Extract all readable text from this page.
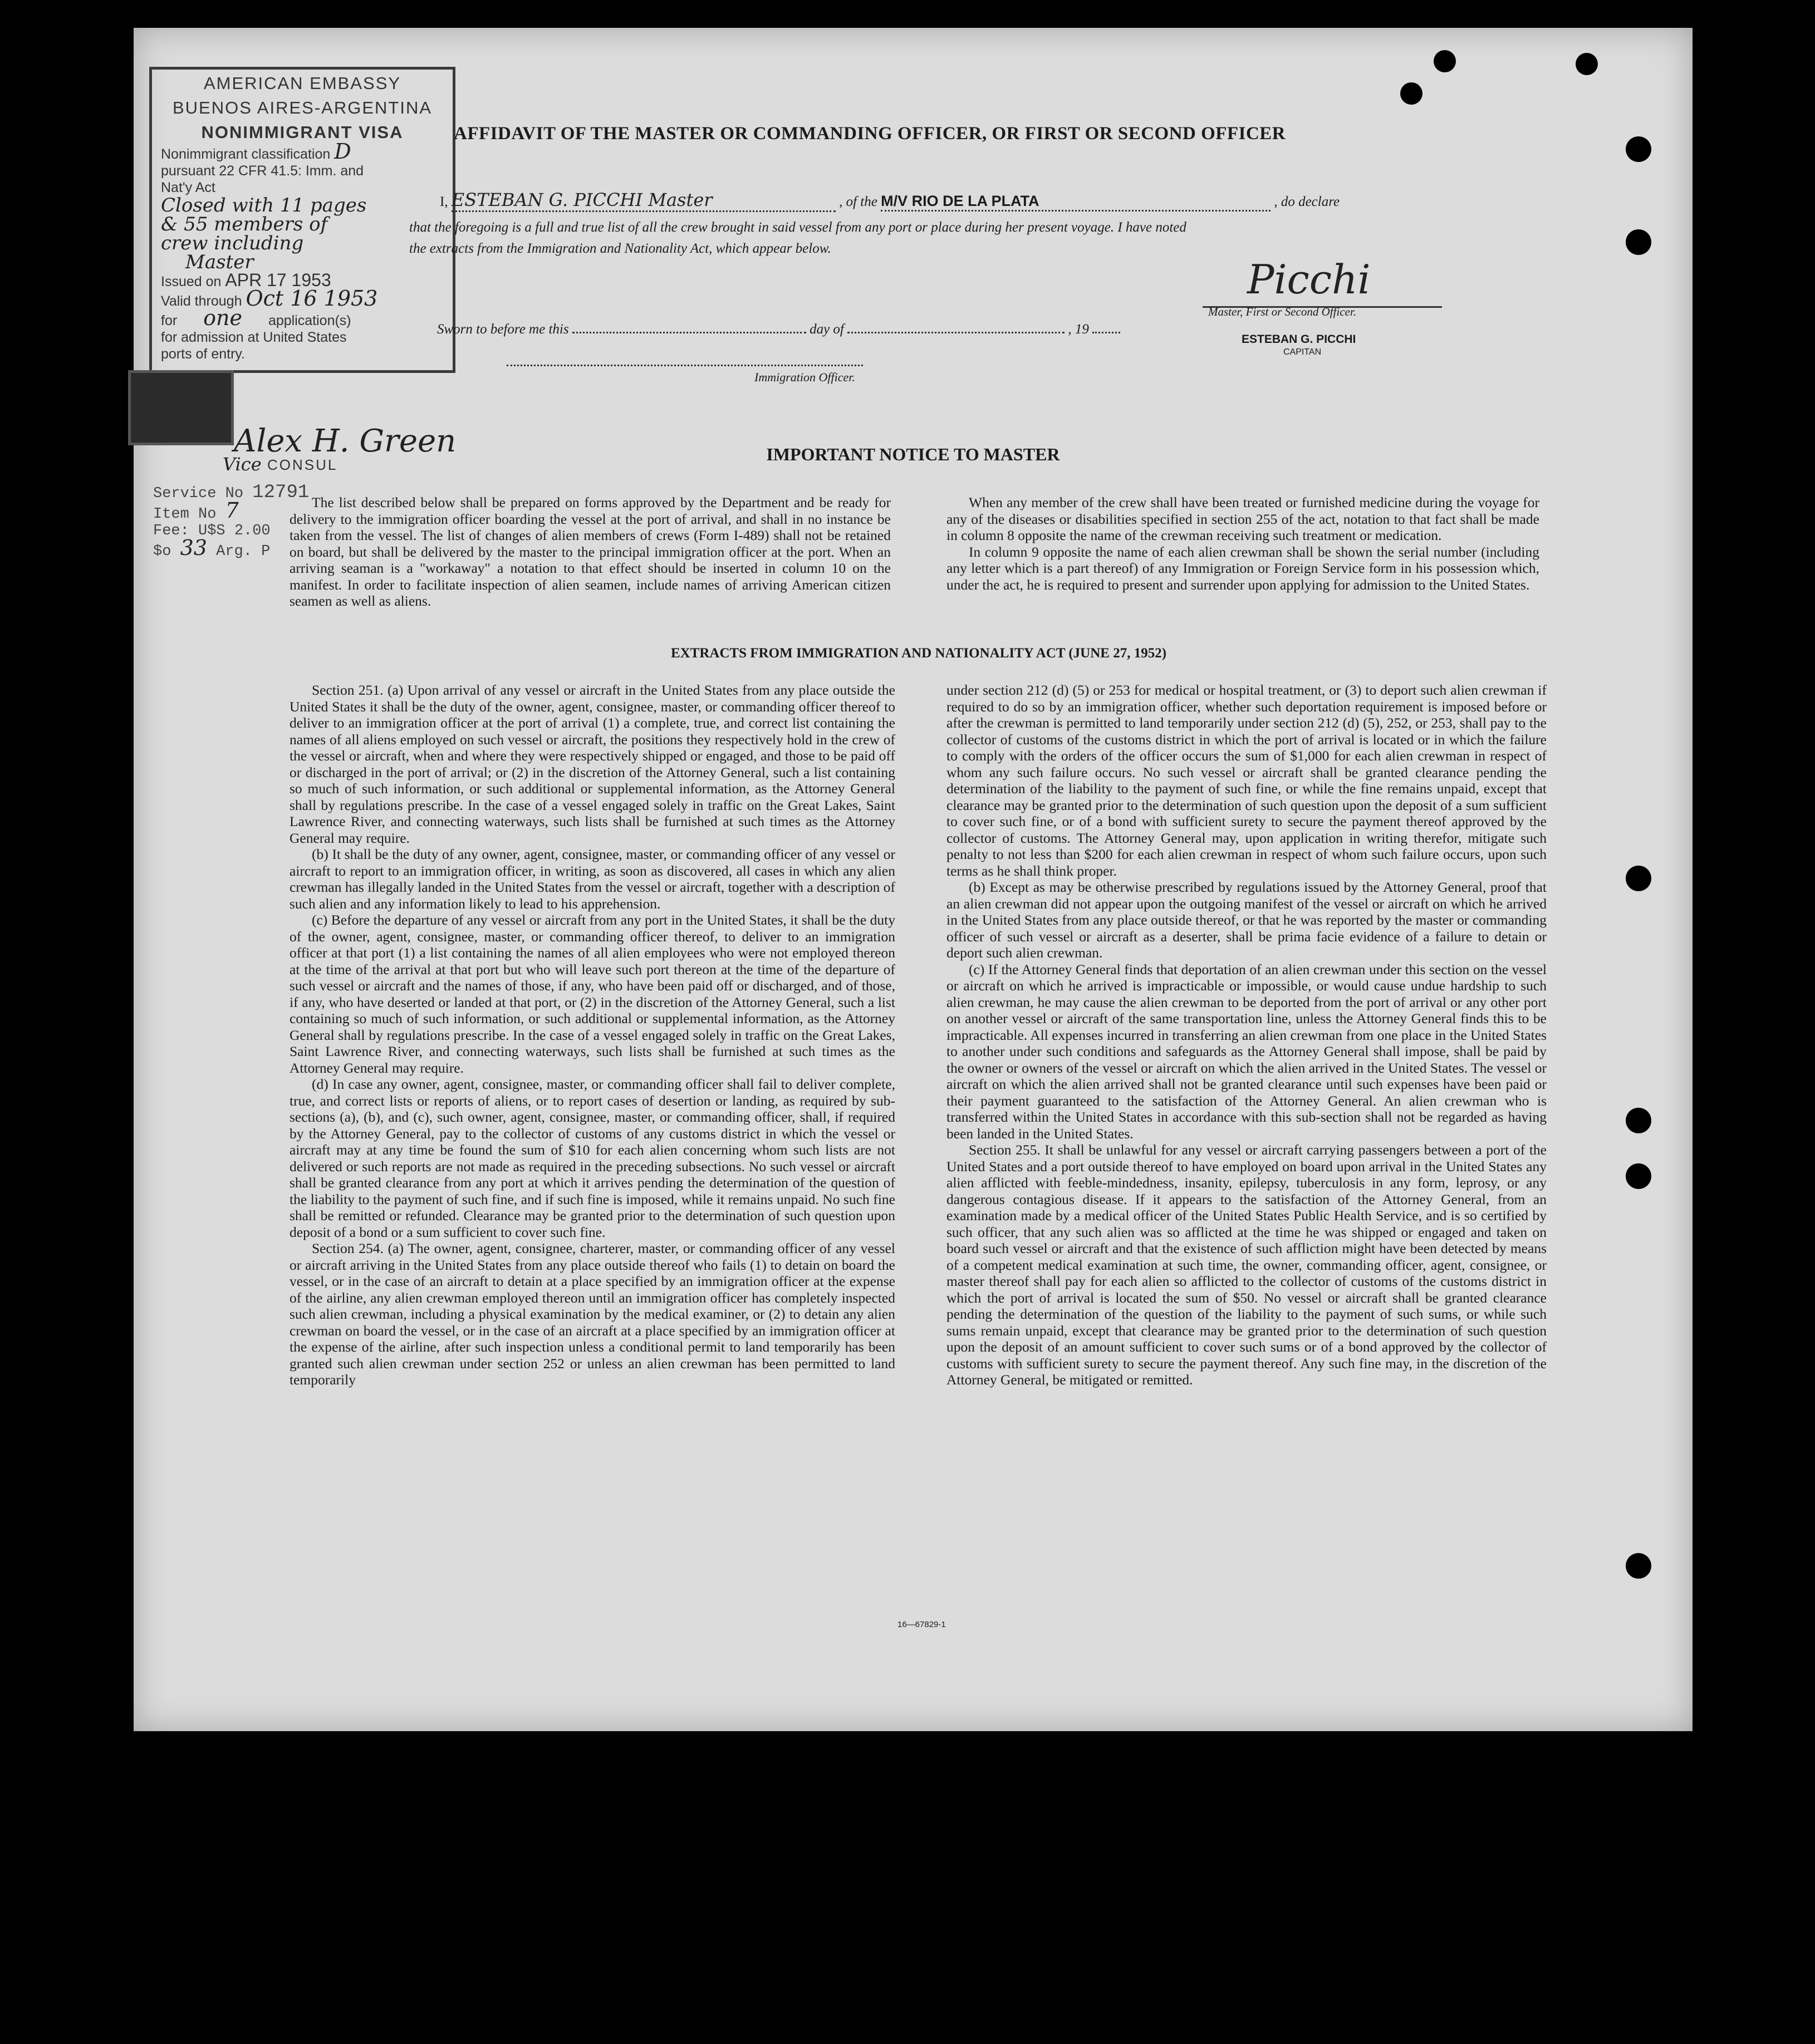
AMERICAN EMBASSY
BUENOS AIRES-ARGENTINA
NONIMMIGRANT VISA
Nonimmigrant classification D
pursuant 22 CFR 41.5: Imm. and
Nat'y Act
Closed with 11 pages
& 55 members of
crew including
Master
Issued on APR 17 1953
Valid through Oct 16 1953
for one application(s)
for admission at United States
ports of entry.
Alex H. Green
Vice CONSUL
Service No 12791
Item No 7
Fee: U$S 2.00
$o 33 Arg. P
AFFIDAVIT OF THE MASTER OR COMMANDING OFFICER, OR FIRST OR SECOND OFFICER
I, ESTEBAN G. PICCHI Master	, of the M/V RIO DE LA PLATA	, do declare
that the foregoing is a full and true list of all the crew brought in said vessel from any port or place during her present voyage. I have noted
the extracts from the Immigration and Nationality Act, which appear below.
Picchi
Master, First or Second Officer.
Sworn to before me this	day of	, 19
ESTEBAN G. PICCHI
CAPITAN
Immigration Officer.
IMPORTANT NOTICE TO MASTER

The list described below shall be prepared on forms approved by the Department and be ready for delivery to the immigration officer boarding the vessel at the port of arrival, and shall in no instance be taken from the vessel. The list of changes of alien members of crews (Form I-489) shall not be retained on board, but shall be delivered by the master to the principal immigration officer at the port. When an arriving seaman is a "workaway" a notation to that effect should be inserted in column 10 on the manifest. In order to facilitate inspection of alien seamen, include names of arriving American citizen seamen as well as aliens.

When any member of the crew shall have been treated or furnished medicine during the voyage for any of the diseases or disabilities specified in section 255 of the act, notation to that fact shall be made in column 8 opposite the name of the crewman receiving such treatment or medication.

In column 9 opposite the name of each alien crewman shall be shown the serial number (including any letter which is a part thereof) of any Immigration or Foreign Service form in his possession which, under the act, he is required to present and surrender upon applying for admission to the United States.

EXTRACTS FROM IMMIGRATION AND NATIONALITY ACT (JUNE 27, 1952)

Section 251. (a) Upon arrival of any vessel or aircraft in the United States from any place outside the United States it shall be the duty of the owner, agent, consignee, master, or commanding officer thereof to deliver to an immigration officer at the port of arrival (1) a complete, true, and correct list containing the names of all aliens employed on such vessel or aircraft, the positions they respectively hold in the crew of the vessel or aircraft, when and where they were respectively shipped or engaged, and those to be paid off or discharged in the port of arrival; or (2) in the discretion of the Attorney General, such a list containing so much of such information, or such additional or supplemental information, as the Attorney General shall by regulations prescribe. In the case of a vessel engaged solely in traffic on the Great Lakes, Saint Lawrence River, and connecting waterways, such lists shall be furnished at such times as the Attorney General may require.

(b) It shall be the duty of any owner, agent, consignee, master, or commanding officer of any vessel or aircraft to report to an immigration officer, in writing, as soon as discovered, all cases in which any alien crewman has illegally landed in the United States from the vessel or aircraft, together with a description of such alien and any information likely to lead to his apprehension.

(c) Before the departure of any vessel or aircraft from any port in the United States, it shall be the duty of the owner, agent, consignee, master, or commanding officer thereof, to deliver to an immigration officer at that port (1) a list containing the names of all alien employees who were not employed thereon at the time of the arrival at that port but who will leave such port thereon at the time of the departure of such vessel or aircraft and the names of those, if any, who have been paid off or discharged, and of those, if any, who have deserted or landed at that port, or (2) in the discretion of the Attorney General, such a list containing so much of such information, or such additional or supplemental information, as the Attorney General shall by regulations prescribe. In the case of a vessel engaged solely in traffic on the Great Lakes, Saint Lawrence River, and connecting waterways, such lists shall be furnished at such times as the Attorney General may require.

(d) In case any owner, agent, consignee, master, or commanding officer shall fail to deliver complete, true, and correct lists or reports of aliens, or to report cases of desertion or landing, as required by sub-sections (a), (b), and (c), such owner, agent, consignee, master, or commanding officer, shall, if required by the Attorney General, pay to the collector of customs of any customs district in which the vessel or aircraft may at any time be found the sum of $10 for each alien concerning whom such lists are not delivered or such reports are not made as required in the preceding subsections. No such vessel or aircraft shall be granted clearance from any port at which it arrives pending the determination of the question of the liability to the payment of such fine, and if such fine is imposed, while it remains unpaid. No such fine shall be remitted or refunded. Clearance may be granted prior to the determination of such question upon deposit of a bond or a sum sufficient to cover such fine.

Section 254. (a) The owner, agent, consignee, charterer, master, or commanding officer of any vessel or aircraft arriving in the United States from any place outside thereof who fails (1) to detain on board the vessel, or in the case of an aircraft to detain at a place specified by an immigration officer at the expense of the airline, any alien crewman employed thereon until an immigration officer has completely inspected such alien crewman, including a physical examination by the medical examiner, or (2) to detain any alien crewman on board the vessel, or in the case of an aircraft at a place specified by an immigration officer at the expense of the airline, after such inspection unless a conditional permit to land temporarily has been granted such alien crewman under section 252 or unless an alien crewman has been permitted to land temporarily

under section 212 (d) (5) or 253 for medical or hospital treatment, or (3) to deport such alien crewman if required to do so by an immigration officer, whether such deportation requirement is imposed before or after the crewman is permitted to land temporarily under section 212 (d) (5), 252, or 253, shall pay to the collector of customs of the customs district in which the port of arrival is located or in which the failure to comply with the orders of the officer occurs the sum of $1,000 for each alien crewman in respect of whom any such failure occurs. No such vessel or aircraft shall be granted clearance pending the determination of the liability to the payment of such fine, or while the fine remains unpaid, except that clearance may be granted prior to the determination of such question upon the deposit of a sum sufficient to cover such fine, or of a bond with sufficient surety to secure the payment thereof approved by the collector of customs. The Attorney General may, upon application in writing therefor, mitigate such penalty to not less than $200 for each alien crewman in respect of whom such failure occurs, upon such terms as he shall think proper.

(b) Except as may be otherwise prescribed by regulations issued by the Attorney General, proof that an alien crewman did not appear upon the outgoing manifest of the vessel or aircraft on which he arrived in the United States from any place outside thereof, or that he was reported by the master or commanding officer of such vessel or aircraft as a deserter, shall be prima facie evidence of a failure to detain or deport such alien crewman.

(c) If the Attorney General finds that deportation of an alien crewman under this section on the vessel or aircraft on which he arrived is impracticable or impossible, or would cause undue hardship to such alien crewman, he may cause the alien crewman to be deported from the port of arrival or any other port on another vessel or aircraft of the same transportation line, unless the Attorney General finds this to be impracticable. All expenses incurred in transferring an alien crewman from one place in the United States to another under such conditions and safeguards as the Attorney General shall impose, shall be paid by the owner or owners of the vessel or aircraft on which the alien arrived in the United States. The vessel or aircraft on which the alien arrived shall not be granted clearance until such expenses have been paid or their payment guaranteed to the satisfaction of the Attorney General. An alien crewman who is transferred within the United States in accordance with this sub-section shall not be regarded as having been landed in the United States.

Section 255. It shall be unlawful for any vessel or aircraft carrying passengers between a port of the United States and a port outside thereof to have employed on board upon arrival in the United States any alien afflicted with feeble-mindedness, insanity, epilepsy, tuberculosis in any form, leprosy, or any dangerous contagious disease. If it appears to the satisfaction of the Attorney General, from an examination made by a medical officer of the United States Public Health Service, and is so certified by such officer, that any such alien was so afflicted at the time he was shipped or engaged and taken on board such vessel or aircraft and that the existence of such affliction might have been detected by means of a competent medical examination at such time, the owner, commanding officer, agent, consignee, or master thereof shall pay for each alien so afflicted to the collector of customs of the customs district in which the port of arrival is located the sum of $50. No vessel or aircraft shall be granted clearance pending the determination of the question of the liability to the payment of such sums, or while such sums remain unpaid, except that clearance may be granted prior to the determination of such question upon the deposit of an amount sufficient to cover such sums or of a bond approved by the collector of customs with sufficient surety to secure the payment thereof. Any such fine may, in the discretion of the Attorney General, be mitigated or remitted.

16—67829-1
